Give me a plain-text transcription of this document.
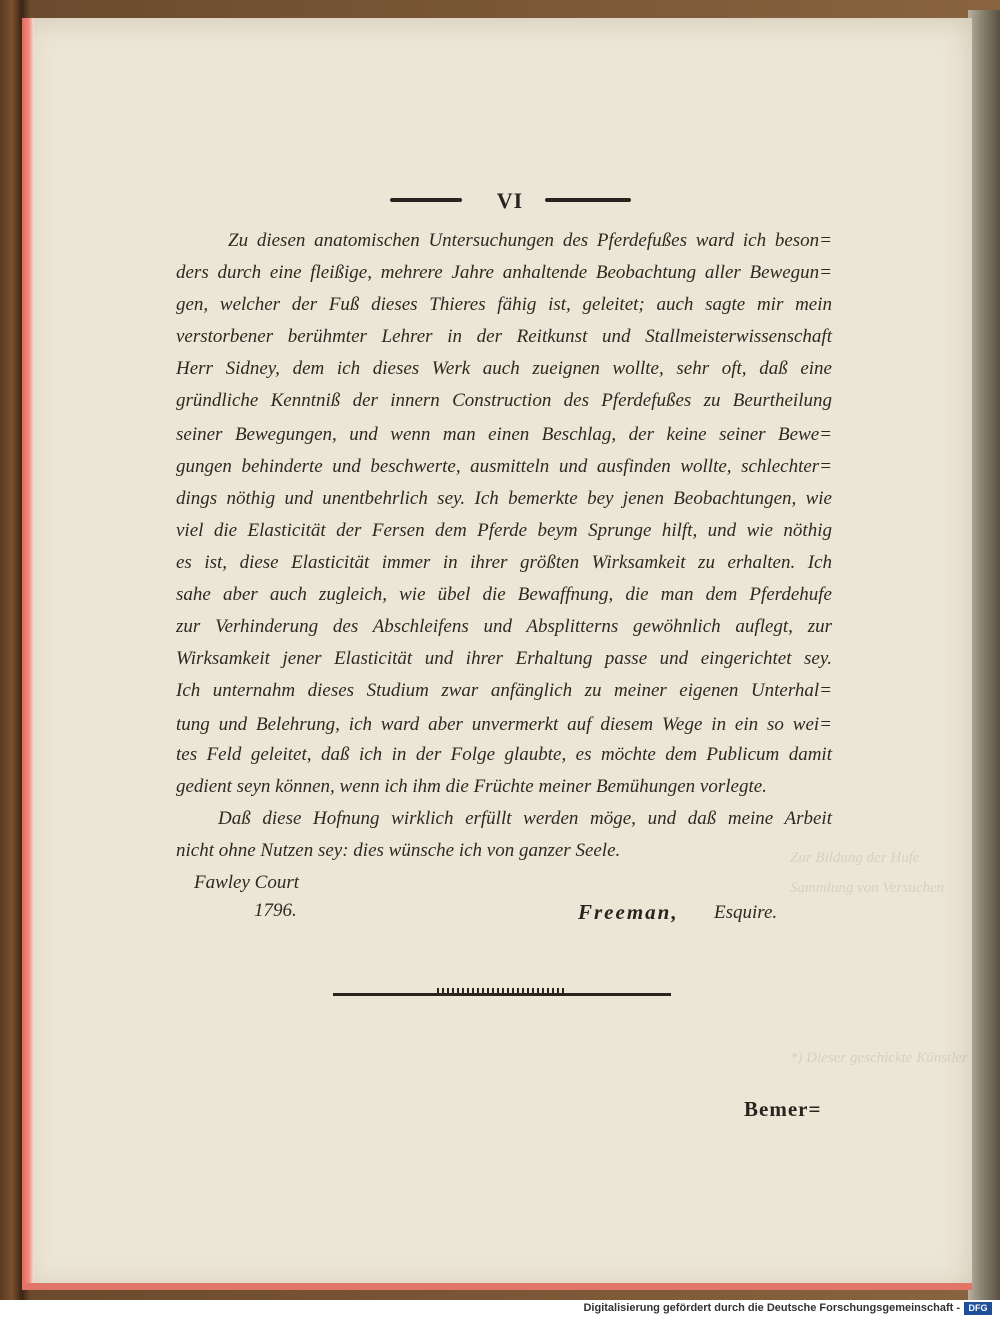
Zur Bildung der Hufe
Sammlung von Versuchen
*) Dieser geschickte Künstler
VI
Zu diesen anatomischen Untersuchungen des Pferdefußes ward ich beson=
ders durch eine fleißige, mehrere Jahre anhaltende Beobachtung aller Bewegun=
gen, welcher der Fuß dieses Thieres fähig ist, geleitet; auch sagte mir mein
verstorbener berühmter Lehrer in der Reitkunst und Stallmeisterwissenschaft
Herr Sidney, dem ich dieses Werk auch zueignen wollte, sehr oft, daß eine
gründliche Kenntniß der innern Construction des Pferdefußes zu Beurtheilung
seiner Bewegungen, und wenn man einen Beschlag, der keine seiner Bewe=
gungen behinderte und beschwerte, ausmitteln und ausfinden wollte, schlechter=
dings nöthig und unentbehrlich sey. Ich bemerkte bey jenen Beobachtungen, wie
viel die Elasticität der Fersen dem Pferde beym Sprunge hilft, und wie nöthig
es ist, diese Elasticität immer in ihrer größten Wirksamkeit zu erhalten. Ich
sahe aber auch zugleich, wie übel die Bewaffnung, die man dem Pferdehufe
zur Verhinderung des Abschleifens und Absplitterns gewöhnlich auflegt, zur
Wirksamkeit jener Elasticität und ihrer Erhaltung passe und eingerichtet sey.
Ich unternahm dieses Studium zwar anfänglich zu meiner eigenen Unterhal=
tung und Belehrung, ich ward aber unvermerkt auf diesem Wege in ein so wei=
tes Feld geleitet, daß ich in der Folge glaubte, es möchte dem Publicum damit
gedient seyn können, wenn ich ihm die Früchte meiner Bemühungen vorlegte.
Daß diese Hofnung wirklich erfüllt werden möge, und daß meine Arbeit
nicht ohne Nutzen sey: dies wünsche ich von ganzer Seele.
Fawley Court
1796.	Freeman, Esquire.
Bemer=
Digitalisierung gefördert durch die Deutsche Forschungsgemeinschaft - DFG
